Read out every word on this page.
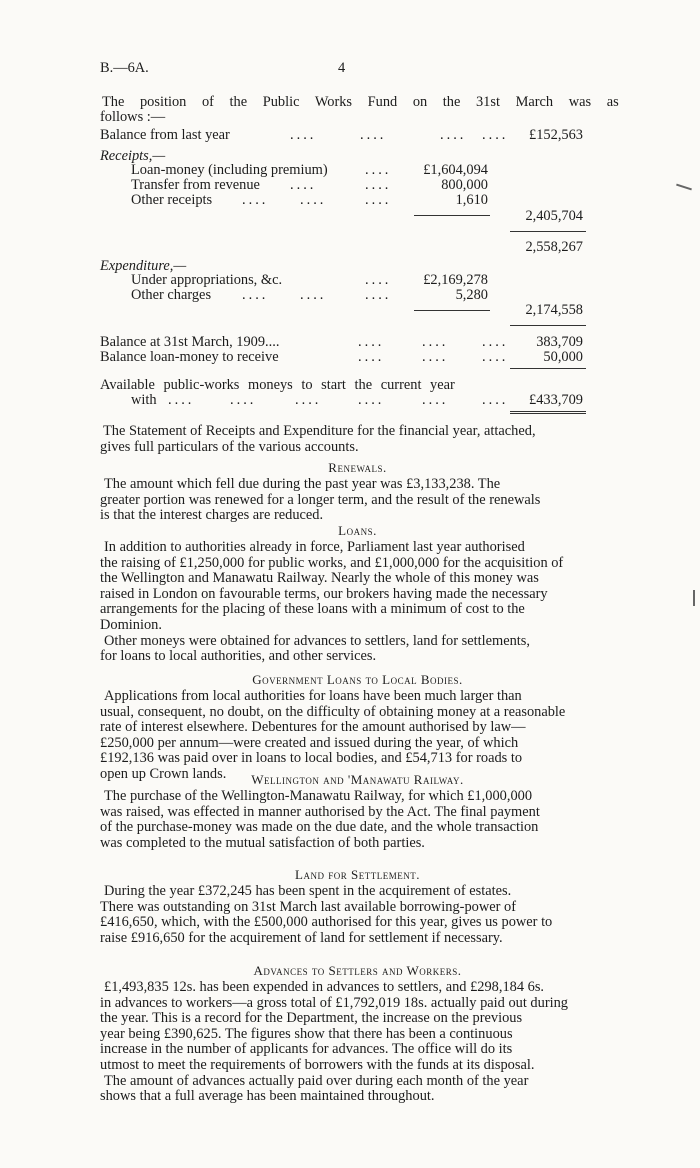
B.—6A.	4
The position of the Public Works Fund on the 31st March was as
follows :—
Balance from last year	....	....	.... .... £152,563
Receipts,—
Loan-money (including premium)	.... £1,604,094
Transfer from revenue ....	....	800,000
Other receipts .... ....	....	1,610
2,405,704
2,558,267
Expenditure,—
Under appropriations, &c.	.... £2,169,278
Other charges .... ....	....	5,280
2,174,558
Balance at 31st March, 1909....	....	.... .... 383,709
Balance loan-money to receive	....	.... .... 50,000
Available public-works moneys to start the current year
with .... ....	....	....	.... .... £433,709

The Statement of Receipts and Expenditure for the financial year, attached,
gives full particulars of the various accounts.

Renewals.

The amount which fell due during the past year was £3,133,238. The
greater portion was renewed for a longer term, and the result of the renewals
is that the interest charges are reduced.

Loans.

In addition to authorities already in force, Parliament last year authorised
the raising of £1,250,000 for public works, and £1,000,000 for the acquisition of
the Wellington and Manawatu Railway. Nearly the whole of this money was
raised in London on favourable terms, our brokers having made the necessary
arrangements for the placing of these loans with a minimum of cost to the
Dominion.

Other moneys were obtained for advances to settlers, land for settlements,
for loans to local authorities, and other services.

Government Loans to Local Bodies.

Applications from local authorities for loans have been much larger than
usual, consequent, no doubt, on the difficulty of obtaining money at a reasonable
rate of interest elsewhere. Debentures for the amount authorised by law—
£250,000 per annum—were created and issued during the year, of which
£192,136 was paid over in loans to local bodies, and £54,713 for roads to
open up Crown lands.	Wellington and 'Manawatu Railway.

The purchase of the Wellington-Manawatu Railway, for which £1,000,000
was raised, was effected in manner authorised by the Act. The final payment
of the purchase-money was made on the due date, and the whole transaction
was completed to the mutual satisfaction of both parties.

Land for Settlement.

During the year £372,245 has been spent in the acquirement of estates.
There was outstanding on 31st March last available borrowing-power of
£416,650, which, with the £500,000 authorised for this year, gives us power to
raise £916,650 for the acquirement of land for settlement if necessary.

Advances to Settlers and Workers.

£1,493,835 12s. has been expended in advances to settlers, and £298,184 6s.
in advances to workers—a gross total of £1,792,019 18s. actually paid out during
the year. This is a record for the Department, the increase on the previous
year being £390,625. The figures show that there has been a continuous
increase in the number of applicants for advances. The office will do its
utmost to meet the requirements of borrowers with the funds at its disposal.

The amount of advances actually paid over during each month of the year
shows that a full average has been maintained throughout.
